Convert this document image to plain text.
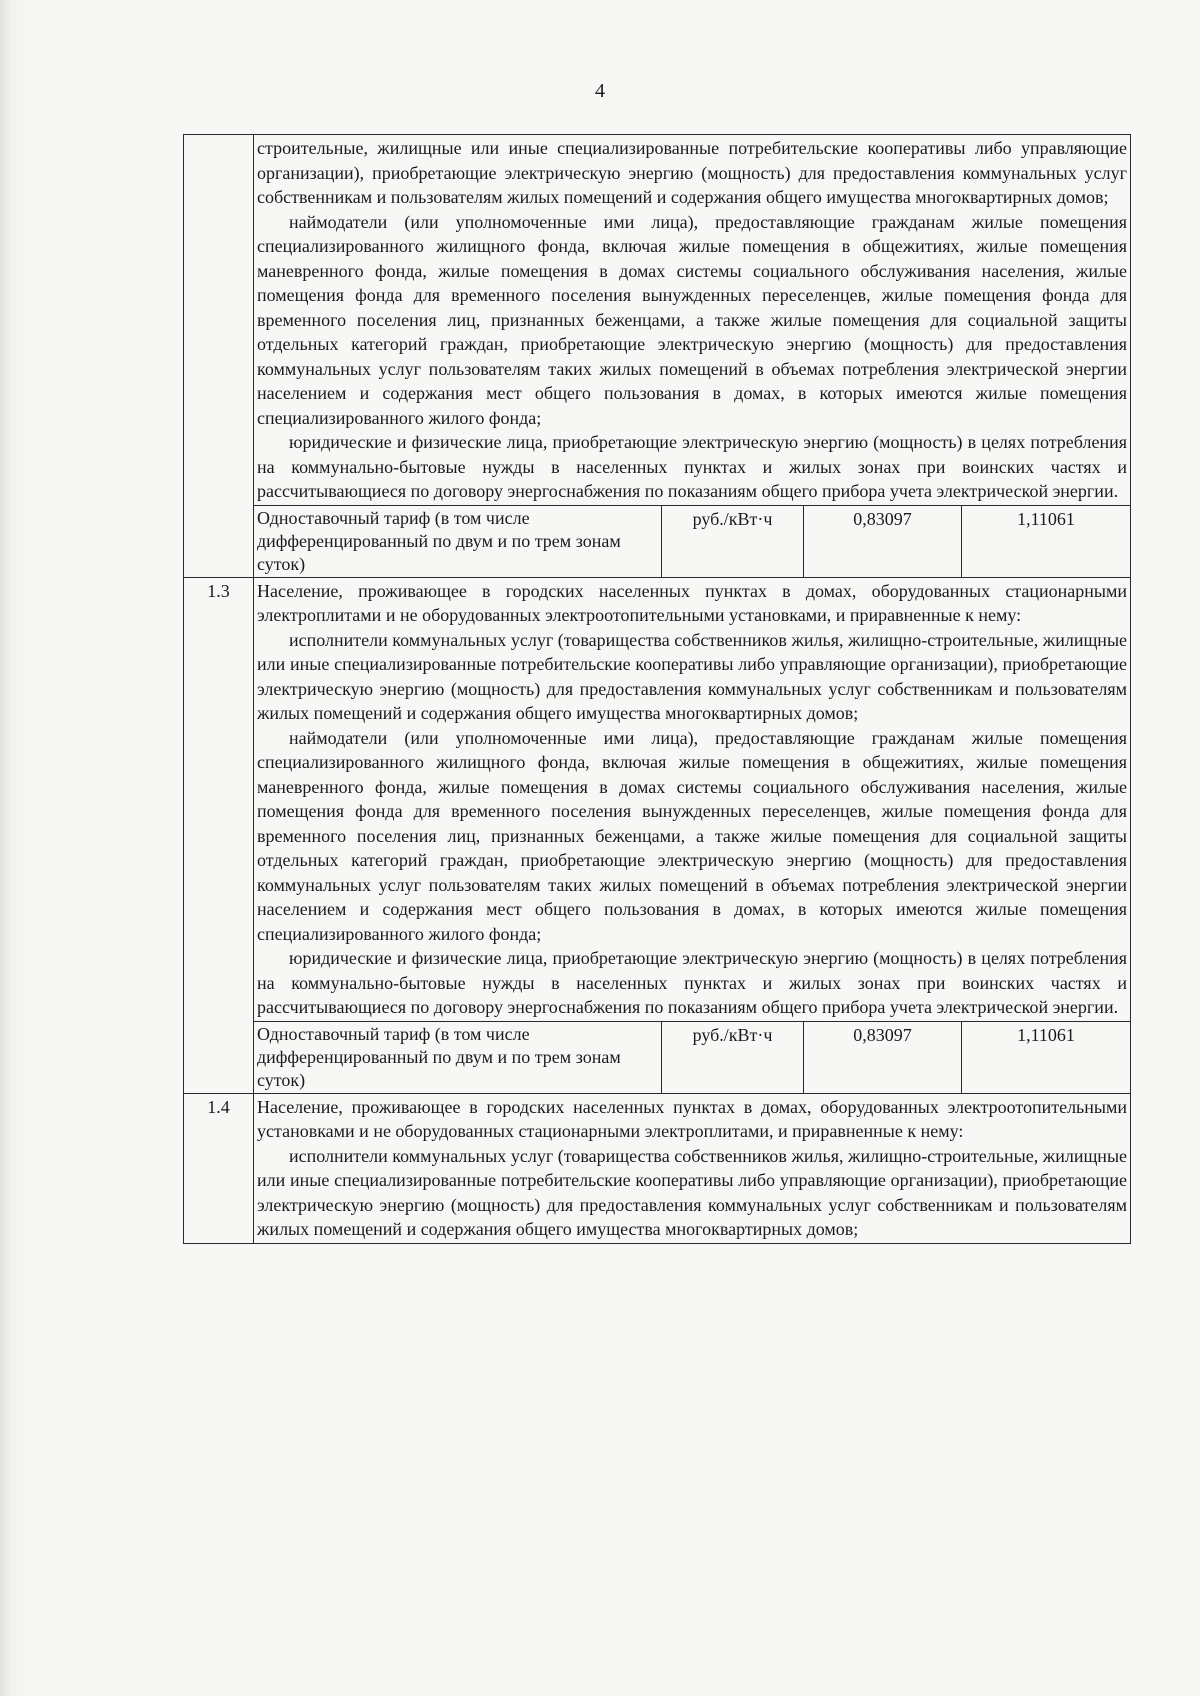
4

	строительные, жилищные или иные специализированные потребительские кооперативы либо управляющие организации), приобретающие электрическую энергию (мощность) для предоставления коммунальных услуг собственникам и пользователям жилых помещений и содержания общего имущества многоквартирных домов;

наймодатели (или уполномоченные ими лица), предоставляющие гражданам жилые помещения специализированного жилищного фонда, включая жилые помещения в общежитиях, жилые помещения маневренного фонда, жилые помещения в домах системы социального обслуживания населения, жилые помещения фонда для временного поселения вынужденных переселенцев, жилые помещения фонда для временного поселения лиц, признанных беженцами, а также жилые помещения для социальной защиты отдельных категорий граждан, приобретающие электрическую энергию (мощность) для предоставления коммунальных услуг пользователям таких жилых помещений в объемах потребления электрической энергии населением и содержания мест общего пользования в домах, в которых имеются жилые помещения специализированного жилого фонда;

юридические и физические лица, приобретающие электрическую энергию (мощность) в целях потребления на коммунально-бытовые нужды в населенных пунктах и жилых зонах при воинских частях и рассчитывающиеся по договору энергоснабжения по показаниям общего прибора учета электрической энергии.			

	Одноставочный тариф (в том числе дифференцированный по двум и по трем зонам суток)	руб./кВт·ч	0,83097	1,11061
1.3	Население, проживающее в городских населенных пунктах в домах, оборудованных стационарными электроплитами и не оборудованных электроотопительными установками, и приравненные к нему:

исполнители коммунальных услуг (товарищества собственников жилья, жилищно-строительные, жилищные или иные специализированные потребительские кооперативы либо управляющие организации), приобретающие электрическую энергию (мощность) для предоставления коммунальных услуг собственникам и пользователям жилых помещений и содержания общего имущества многоквартирных домов;

наймодатели (или уполномоченные ими лица), предоставляющие гражданам жилые помещения специализированного жилищного фонда, включая жилые помещения в общежитиях, жилые помещения маневренного фонда, жилые помещения в домах системы социального обслуживания населения, жилые помещения фонда для временного поселения вынужденных переселенцев, жилые помещения фонда для временного поселения лиц, признанных беженцами, а также жилые помещения для социальной защиты отдельных категорий граждан, приобретающие электрическую энергию (мощность) для предоставления коммунальных услуг пользователям таких жилых помещений в объемах потребления электрической энергии населением и содержания мест общего пользования в домах, в которых имеются жилые помещения специализированного жилого фонда;

юридические и физические лица, приобретающие электрическую энергию (мощность) в целях потребления на коммунально-бытовые нужды в населенных пунктах и жилых зонах при воинских частях и рассчитывающиеся по договору энергоснабжения по показаниям общего прибора учета электрической энергии.			

	Одноставочный тариф (в том числе дифференцированный по двум и по трем зонам суток)	руб./кВт·ч	0,83097	1,11061
1.4	Население, проживающее в городских населенных пунктах в домах, оборудованных электроотопительными установками и не оборудованных стационарными электроплитами, и приравненные к нему:

исполнители коммунальных услуг (товарищества собственников жилья, жилищно-строительные, жилищные или иные специализированные потребительские кооперативы либо управляющие организации), приобретающие электрическую энергию (мощность) для предоставления коммунальных услуг собственникам и пользователям жилых помещений и содержания общего имущества многоквартирных домов;			
